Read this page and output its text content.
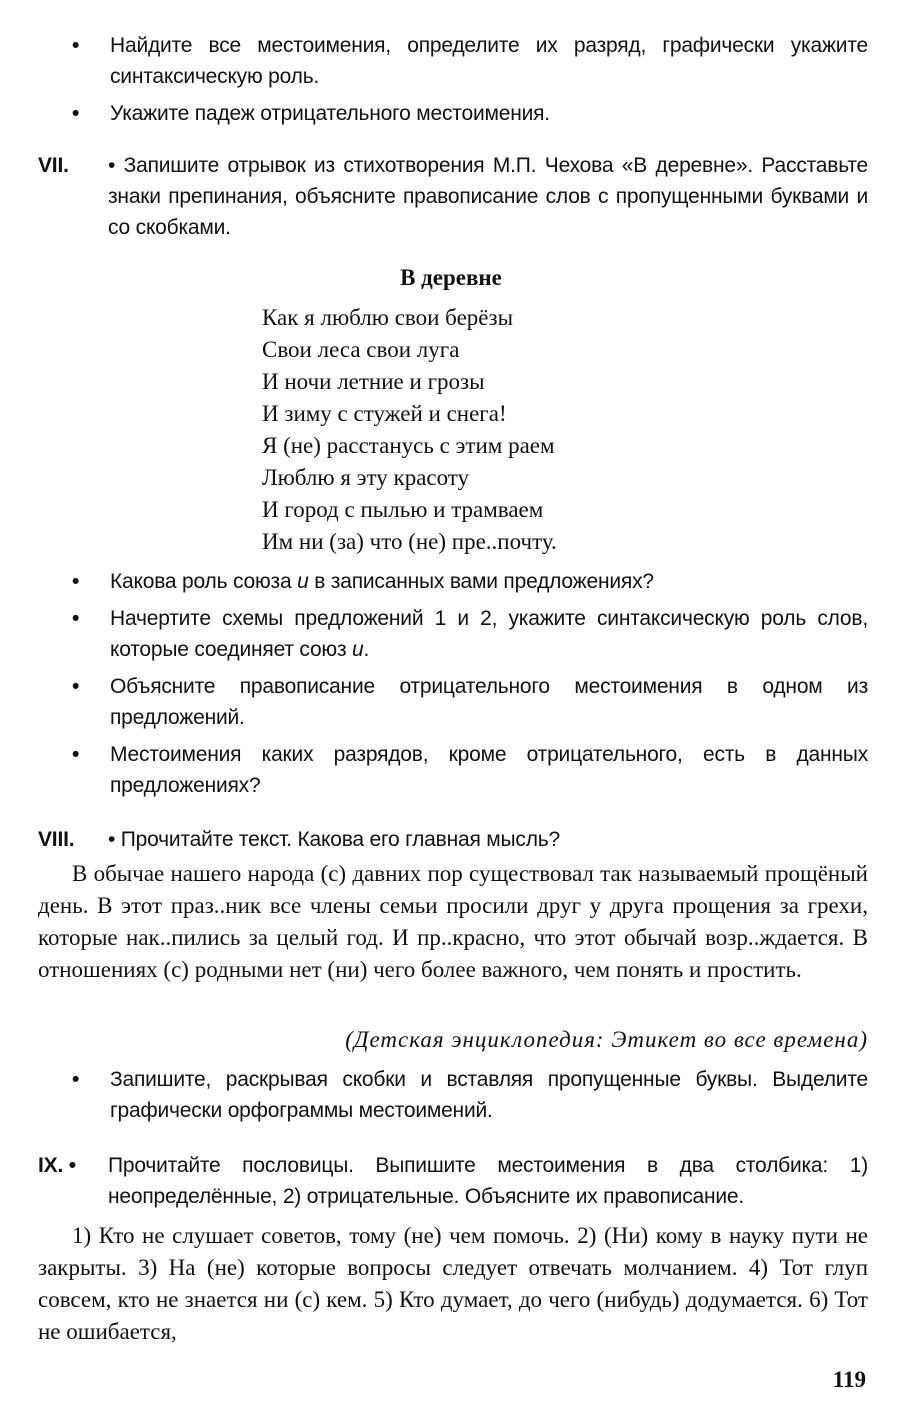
• Найдите все местоимения, определите их разряд, графически укажите синтаксическую роль.
• Укажите падеж отрицательного местоимения.
VII. • Запишите отрывок из стихотворения М.П. Чехова «В деревне». Расставьте знаки препинания, объясните правописание слов с пропущенными буквами и со скобками.
В деревне
Как я люблю свои берёзы
Свои леса свои луга
И ночи летние и грозы
И зиму с стужей и снега!
Я (не) расстанусь с этим раем
Люблю я эту красоту
И город с пылью и трамваем
Им ни (за) что (не) пре..почту.
• Какова роль союза и в записанных вами предложениях?
• Начертите схемы предложений 1 и 2, укажите синтаксическую роль слов, которые соединяет союз и.
• Объясните правописание отрицательного местоимения в одном из предложений.
• Местоимения каких разрядов, кроме отрицательного, есть в данных предложениях?
VIII. • Прочитайте текст. Какова его главная мысль?

В обычае нашего народа (с) давних пор существовал так называемый прощёный день. В этот праз..ник все члены семьи просили друг у друга прощения за грехи, которые нак..пились за целый год. И пр..красно, что этот обычай возр..ждается. В отношениях (с) родными нет (ни) чего более важного, чем понять и простить.

(Детская энциклопедия: Этикет во все времена)
• Запишите, раскрывая скобки и вставляя пропущенные буквы. Выделите графически орфограммы местоимений.
IX. • Прочитайте пословицы. Выпишите местоимения в два столбика: 1) неопределённые, 2) отрицательные. Объясните их правописание.

1) Кто не слушает советов, тому (не) чем помочь. 2) (Ни) кому в науку пути не закрыты. 3) На (не) которые вопросы следует отвечать молчанием. 4) Тот глуп совсем, кто не знается ни (с) кем. 5) Кто думает, до чего (нибудь) додумается. 6) Тот не ошибается,

119
